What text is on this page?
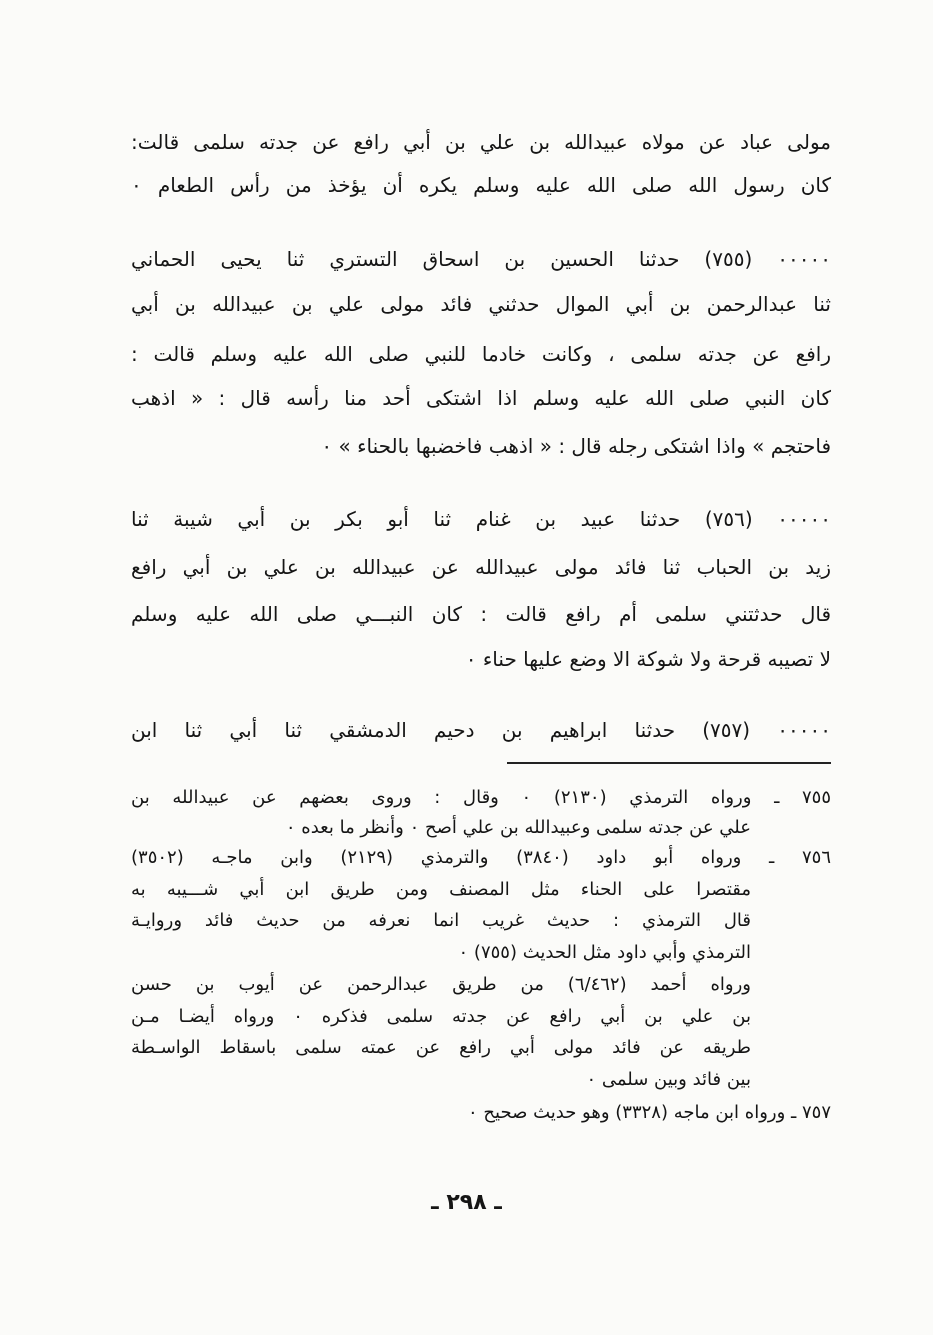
مولى عباد عن مولاه عبيدالله بن علي بن أبي رافع عن جدته سلمى قالت:
كان رسول الله صلى الله عليه وسلم يكره أن يؤخذ من رأس الطعام ٠
٠٠٠٠٠ (٧٥٥) حدثنا الحسين بن اسحاق التستري ثنا يحيى الحماني
ثنا عبدالرحمن بن أبي الموال حدثني فائد مولى علي بن عبيدالله بن أبي
رافع عن جدته سلمى ، وكانت خادما للنبي صلى الله عليه وسلم قالت :
كان النبي صلى الله عليه وسلم اذا اشتكى أحد منا رأسه قال : « اذهب
فاحتجم » واذا اشتكى رجله قال : « اذهب فاخضبها بالحناء » ٠
٠٠٠٠٠ (٧٥٦) حدثنا عبيد بن غنام ثنا أبو بكر بن أبي شيبة ثنا
زيد بن الحباب ثنا فائد مولى عبيدالله عن عبيدالله بن علي بن أبي رافع
قال حدثتني سلمى أم رافع قالت : كان النبـــي صلى الله عليه وسلم
لا تصيبه قرحة ولا شوكة الا وضع عليها حناء ٠
٠٠٠٠٠ (٧٥٧) حدثنا ابراهيم بن دحيم الدمشقي ثنا أبي ثنا ابن
٧٥٥ ـ ورواه الترمذي (٢١٣٠) ٠ وقال : وروى بعضهم عن عبيدالله بن
علي عن جدته سلمى وعبيدالله بن علي أصح ٠ وأنظر ما بعده ٠
٧٥٦ ـ ورواه أبو داود (٣٨٤٠) والترمذي (٢١٢٩) وابن ماجـه (٣٥٠٢)
مقتصرا على الحناء مثل المصنف ومن طريق ابن أبي شـــيبه به
قال الترمذي : حديث غريب انما نعرفه من حديث فائد وروايـة
الترمذي وأبي داود مثل الحديث (٧٥٥) ٠
ورواه أحمد (٦/٤٦٢) من طريق عبدالرحمن عن أيوب بن حسن
بن علي بن أبي رافع عن جدته سلمى فذكره ٠ ورواه أيضـا مـن
طريقه عن فائد مولى أبي رافع عن عمته سلمى باسقاط الواسـطة
بين فائد وبين سلمى ٠
٧٥٧ ـ ورواه ابن ماجه (٣٣٢٨) وهو حديث صحيح ٠
ـ ٢٩٨ ـ
